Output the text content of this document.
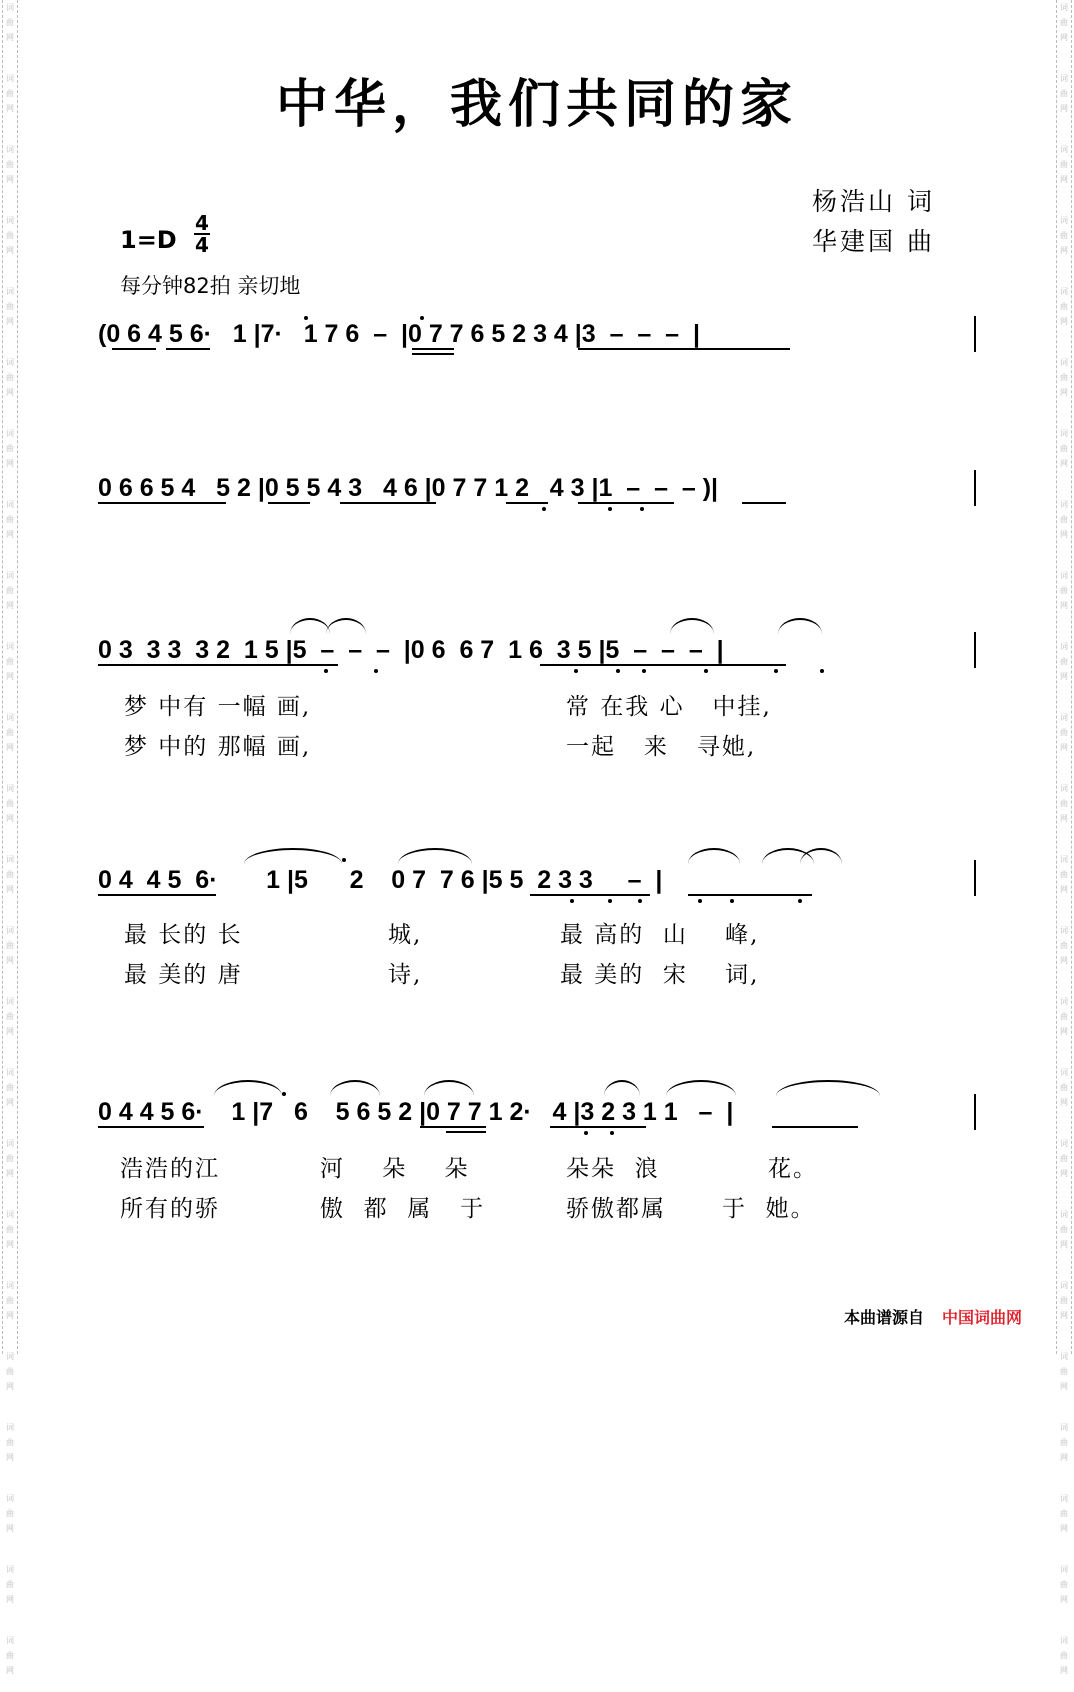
词
曲
网
词
曲
网
词
曲
网
词
曲
网
词
曲
网
词
曲
网
词
曲
网
词
曲
网
词
曲
网
词
曲
网
词
曲
网
词
曲
网
词
曲
网
词
曲
网
词
曲
网
词
曲
网
词
曲
网
词
曲
网
词
曲
网
词
曲
网
词
曲
网
词
曲
网
词
曲
网
词
曲
网
词
曲
网
词
曲
网
词
曲
网
词
曲
网
词
曲
网
词
曲
网
词
曲
网
词
曲
网
词
曲
网
词
曲
网
词
曲
网
词
曲
网
词
曲
网
词
曲
网
词
曲
网
词
曲
网
词
曲
网
词
曲
网
词
曲
网
词
曲
网
词
曲
网
词
曲
网
词
曲
网
词
曲
网
中华，我们共同的家
杨浩山 词
华建国 曲
1=D
4
4
每分钟82拍 亲切地
(0 6 4 5 6·   1 |7·   1 7 6  –  |0 7 7 6 5 2 3 4 |3  –  –  –  |
0 6 6 5 4   5 2 |0 5 5 4 3   4 6 |0 7 7 1 2   4 3 |1  –  –  – )|
0 3  3 3  3 2  1 5 |5  –  –  –  |0 6  6 7  1 6  3 5 |5  –  –  –  |
梦 中有 一幅 画,	常 在我 心   中挂,
梦 中的 那幅 画,	一起   来   寻她,
0 4  4 5  6·       1 |5      2    0 7  7 6 |5 5  2 3 3     –  |
最 长的 长	城,	最 高的  山    峰,
最 美的 唐	诗,	最 美的  宋    词,
0 4 4 5 6·    1 |7   6    5 6 5 2 |0 7 7 1 2·   4 |3 2 3 1 1   –  |
浩浩的江	河    朵    朵	朵朵  浪	花。
所有的骄	傲  都  属   于	骄傲都属 于  她。
本曲谱源自 中国词曲网
